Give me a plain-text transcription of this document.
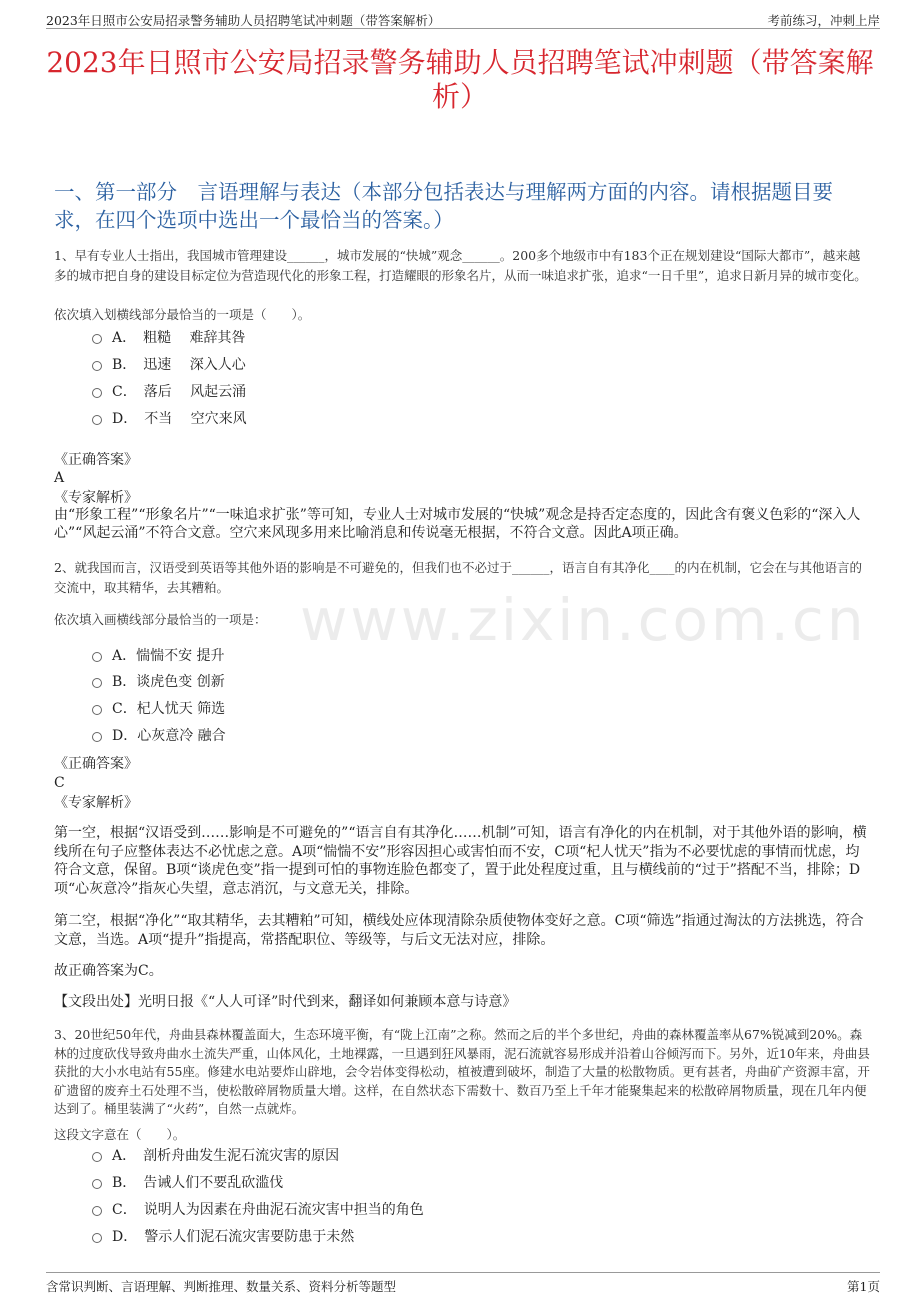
2023年日照市公安局招录警务辅助人员招聘笔试冲刺题（带答案解析）	考前练习，冲刺上岸
2023年日照市公安局招录警务辅助人员招聘笔试冲刺题（带答案解析）
一、第一部分　言语理解与表达（本部分包括表达与理解两方面的内容。请根据题目要求，在四个选项中选出一个最恰当的答案。）
www.zixin.com.cn
1、早有专业人士指出，我国城市管理建设______，城市发展的“快城”观念______。200多个地级市中有183个正在规划建设“国际大都市”，越来越多的城市把自身的建设目标定位为营造现代化的形象工程，打造耀眼的形象名片，从而一味追求扩张，追求“一日千里”，追求日新月异的城市变化。
依次填入划横线部分最恰当的一项是（　　）。
A．　粗糙　 难辞其咎
B．　迅速　 深入人心
C．　落后　 风起云涌
D．　不当　 空穴来风
《正确答案》
A
《专家解析》
由“形象工程”“形象名片”“一味追求扩张”等可知，专业人士对城市发展的“快城”观念是持否定态度的，因此含有褒义色彩的“深入人心”“风起云涌”不符合文意。空穴来风现多用来比喻消息和传说毫无根据，不符合文意。因此A项正确。
2、就我国而言，汉语受到英语等其他外语的影响是不可避免的，但我们也不必过于______，语言自有其净化____的内在机制，它会在与其他语言的交流中，取其精华，去其糟粕。
依次填入画横线部分最恰当的一项是：
A．惴惴不安 提升
B．谈虎色变 创新
C．杞人忧天 筛选
D．心灰意冷 融合
《正确答案》
C
《专家解析》
第一空，根据“汉语受到……影响是不可避免的”“语言自有其净化……机制”可知，语言有净化的内在机制，对于其他外语的影响，横线所在句子应整体表达不必忧虑之意。A项“惴惴不安”形容因担心或害怕而不安，C项“杞人忧天”指为不必要忧虑的事情而忧虑，均符合文意，保留。B项“谈虎色变”指一提到可怕的事物连脸色都变了，置于此处程度过重，且与横线前的“过于”搭配不当，排除；D项“心灰意冷”指灰心失望，意志消沉，与文意无关，排除。
第二空，根据“净化”“取其精华，去其糟粕”可知，横线处应体现清除杂质使物体变好之意。C项“筛选”指通过淘汰的方法挑选，符合文意，当选。A项“提升”指提高，常搭配职位、等级等，与后文无法对应，排除。
故正确答案为C。
【文段出处】光明日报《“人人可译”时代到来，翻译如何兼顾本意与诗意》
3、20世纪50年代，舟曲县森林覆盖面大，生态环境平衡，有“陇上江南”之称。然而之后的半个多世纪，舟曲的森林覆盖率从67%锐减到20%。森林的过度砍伐导致舟曲水土流失严重，山体风化，土地裸露，一旦遇到狂风暴雨，泥石流就容易形成并沿着山谷倾泻而下。另外，近10年来，舟曲县获批的大小水电站有55座。修建水电站要炸山辟地，会令岩体变得松动，植被遭到破坏，制造了大量的松散物质。更有甚者，舟曲矿产资源丰富，开矿遗留的废弃土石处理不当，使松散碎屑物质量大增。这样，在自然状态下需数十、数百乃至上千年才能聚集起来的松散碎屑物质量，现在几年内便达到了。桶里装满了“火药”，自然一点就炸。
这段文字意在（　　）。
A．　剖析舟曲发生泥石流灾害的原因
B．　告诫人们不要乱砍滥伐
C．　说明人为因素在舟曲泥石流灾害中担当的角色
D．　警示人们泥石流灾害要防患于未然
含常识判断、言语理解、判断推理、数量关系、资料分析等题型	第1页
